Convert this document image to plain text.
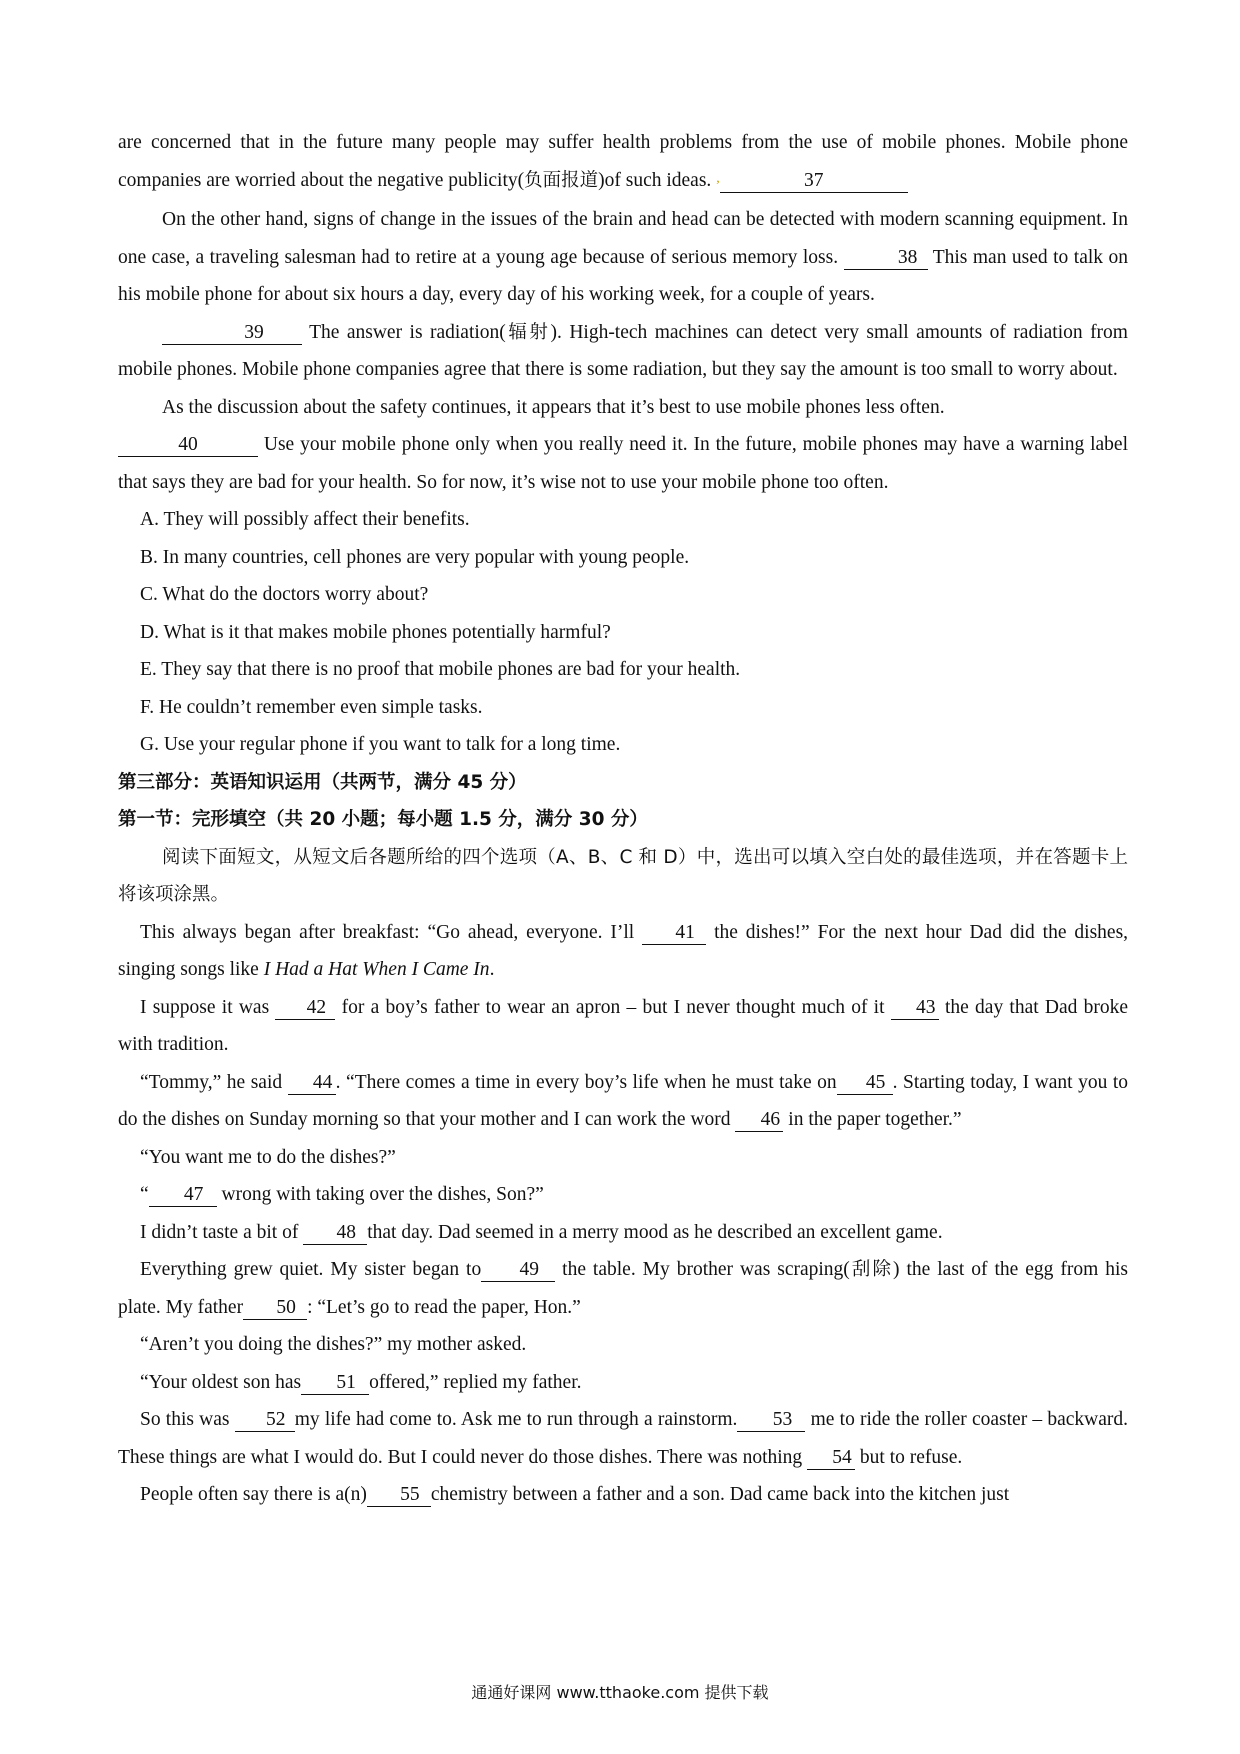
are concerned that in the future many people may suffer health problems from the use of mobile phones. Mobile phone companies are worried about the negative publicity(负面报道)of such ideas. ,	37

On the other hand, signs of change in the issues of the brain and head can be detected with modern scanning equipment. In one case, a traveling salesman had to retire at a young age because of serious memory loss.	38 This man used to talk on his mobile phone for about six hours a day, every day of his working week, for a couple of years.

39 The answer is radiation(辐射). High-tech machines can detect very small amounts of radiation from mobile phones. Mobile phone companies agree that there is some radiation, but they say the amount is too small to worry about.

As the discussion about the safety continues, it appears that it’s best to use mobile phones less often.

40	Use your mobile phone only when you really need it. In the future, mobile phones may have a warning label that says they are bad for your health. So for now, it’s wise not to use your mobile phone too often.

A. They will possibly affect their benefits.

B. In many countries, cell phones are very popular with young people.

C. What do the doctors worry about?

D. What is it that makes mobile phones potentially harmful?

E. They say that there is no proof that mobile phones are bad for your health.

F. He couldn’t remember even simple tasks.

G. Use your regular phone if you want to talk for a long time.

第三部分：英语知识运用（共两节，满分 45 分）

第一节：完形填空（共 20 小题；每小题 1.5 分，满分 30 分）

阅读下面短文，从短文后各题所给的四个选项（A、B、C 和 D）中，选出可以填入空白处的最佳选项，并在答题卡上将该项涂黑。

This always began after breakfast: “Go ahead, everyone. I’ll 41 the dishes!” For the next hour Dad did the dishes, singing songs like I Had a Hat When I Came In.

I suppose it was 42 for a boy’s father to wear an apron – but I never thought much of it 43 the day that Dad broke with tradition.

“Tommy,” he said 44 . “There comes a time in every boy’s life when he must take on 45 . Starting today, I want you to do the dishes on Sunday morning so that your mother and I can work the word 46 in the paper together.”

“You want me to do the dishes?”

“ 47 wrong with taking over the dishes, Son?”

I didn’t taste a bit of 48 that day. Dad seemed in a merry mood as he described an excellent game.

Everything grew quiet. My sister began to 49 the table. My brother was scraping(刮除) the last of the egg from his plate. My father 50 : “Let’s go to read the paper, Hon.”

“Aren’t you doing the dishes?” my mother asked.

“Your oldest son has 51 offered,” replied my father.

So this was 52 my life had come to. Ask me to run through a rainstorm. 53 me to ride the roller coaster – backward. These things are what I would do. But I could never do those dishes. There was nothing 54 but to refuse.

People often say there is a(n) 55 chemistry between a father and a son. Dad came back into the kitchen just

通通好课网 www.tthaoke.com 提供下载
